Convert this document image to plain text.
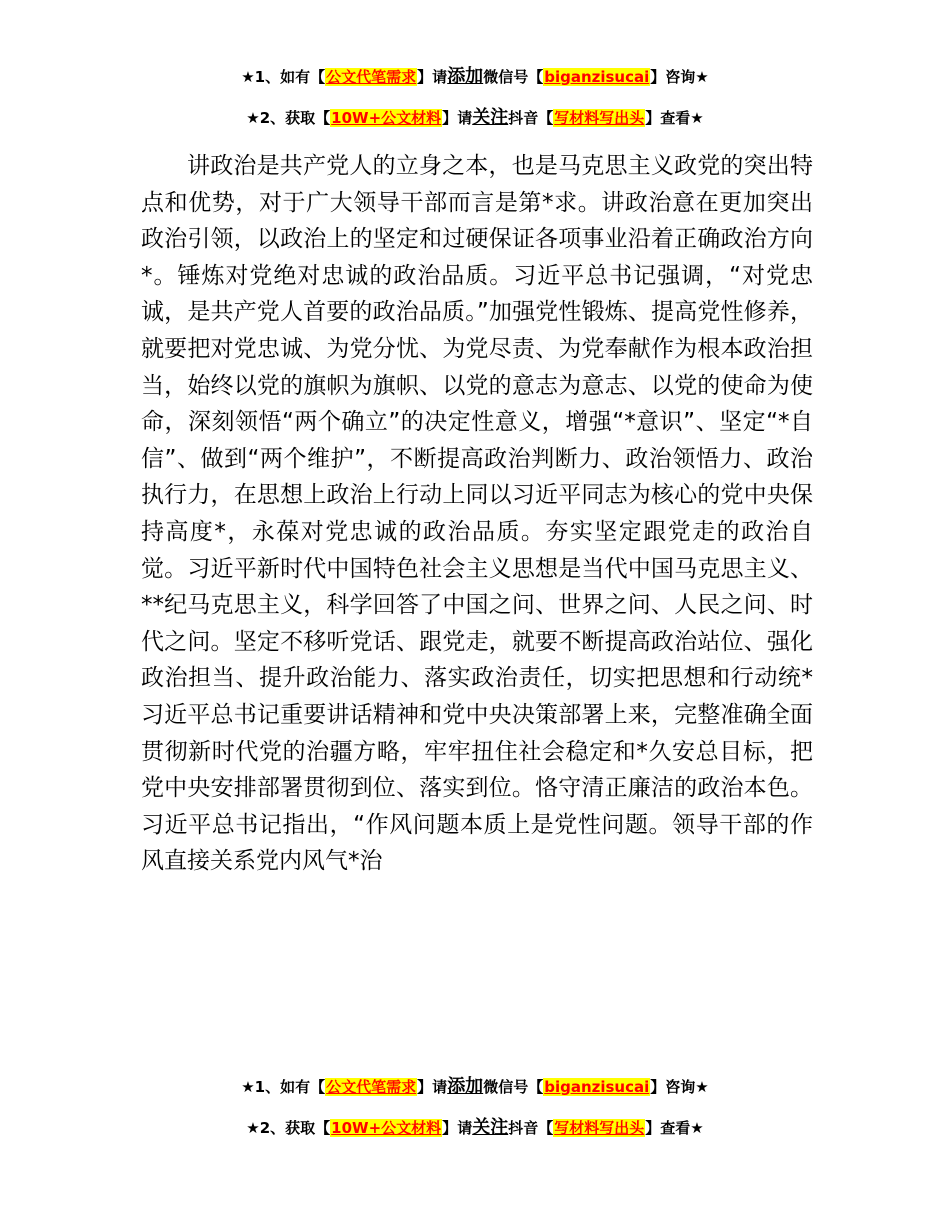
★1、如有【公文代笔需求】请添加微信号【biganzisucai】咨询★
★2、获取【10W+公文材料】请关注抖音【写材料写出头】查看★

讲政治是共产党人的立身之本，也是马克思主义政党的突出特点和优势，对于广大领导干部而言是第*求。讲政治意在更加突出政治引领，以政治上的坚定和过硬保证各项事业沿着正确政治方向*。锤炼对党绝对忠诚的政治品质。习近平总书记强调，“对党忠诚，是共产党人首要的政治品质。”加强党性锻炼、提高党性修养，就要把对党忠诚、为党分忧、为党尽责、为党奉献作为根本政治担当，始终以党的旗帜为旗帜、以党的意志为意志、以党的使命为使命，深刻领悟“两个确立”的决定性意义，增强“*意识”、坚定“*自信”、做到“两个维护”，不断提高政治判断力、政治领悟力、政治执行力，在思想上政治上行动上同以习近平同志为核心的党中央保持高度*，永葆对党忠诚的政治品质。夯实坚定跟党走的政治自觉。习近平新时代中国特色社会主义思想是当代中国马克思主义、**纪马克思主义，科学回答了中国之问、世界之问、人民之问、时代之问。坚定不移听党话、跟党走，就要不断提高政治站位、强化政治担当、提升政治能力、落实政治责任，切实把思想和行动统*习近平总书记重要讲话精神和党中央决策部署上来，完整准确全面贯彻新时代党的治疆方略，牢牢扭住社会稳定和*久安总目标，把党中央安排部署贯彻到位、落实到位。恪守清正廉洁的政治本色。习近平总书记指出，“作风问题本质上是党性问题。领导干部的作风直接关系党内风气*治

★1、如有【公文代笔需求】请添加微信号【biganzisucai】咨询★
★2、获取【10W+公文材料】请关注抖音【写材料写出头】查看★
